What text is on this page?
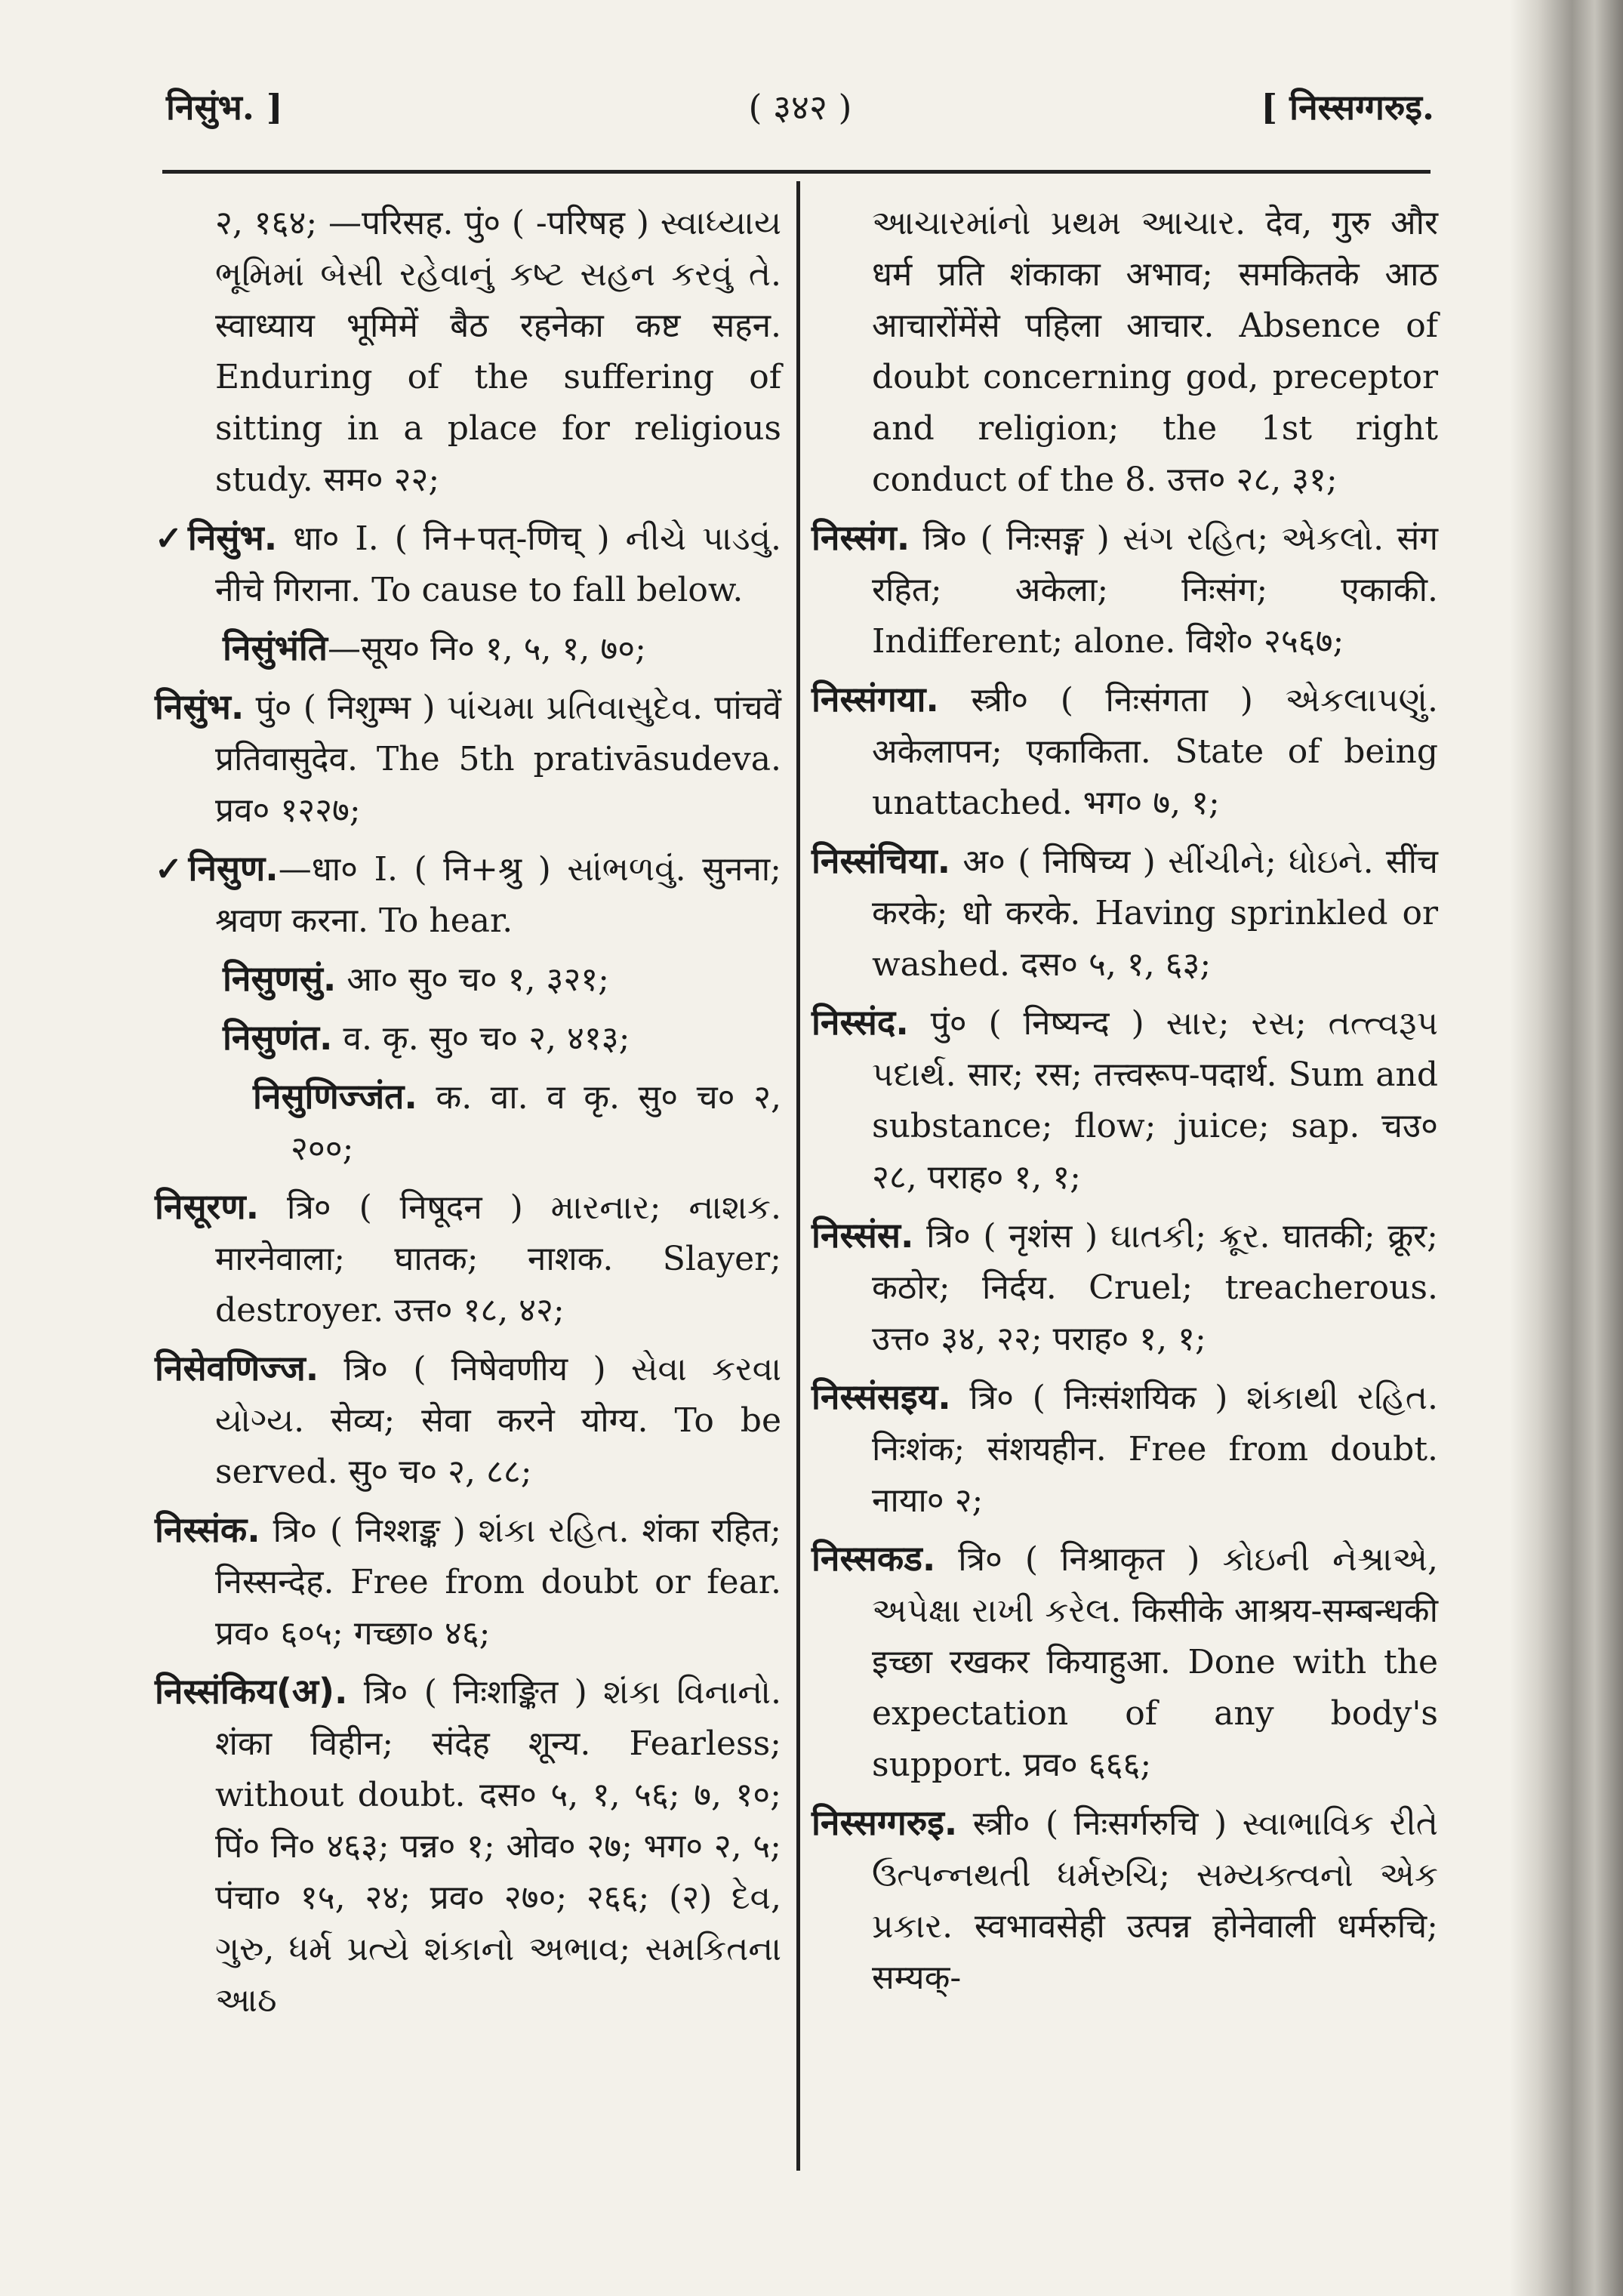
निसुंभ. ]	( ३४२ )	[ निस्सग्गरुइ.

२, १६४; —परिसह. पुं० ( -परिषह ) સ્વાધ્યાય ભૂમિમાં બેસી રહેવાનું કષ્ટ સહન કરવું તે. स्वाध्याय भूमिमें बैठ रहनेका कष्ट सहन. Enduring of the suffering of sitting in a place for religious study. सम० २२;

✓निसुंभ. धा० I. ( नि+पत्-णिच् ) નીચે પાડવું. नीचे गिराना. To cause to fall below.

निसुंभंति—सूय० नि० १, ५, १, ७०;

निसुंभ. पुं० ( निशुम्भ ) પાંચમા પ્રતિવાસુદેવ. पांचवें प्रतिवासुदेव. The 5th prativāsudeva. प्रव० १२२७;

✓निसुण.—धा० I. ( नि+श्रु ) સાંભળવું. सुनना; श्रवण करना. To hear.

निसुणसुं. आ० सु० च० १, ३२१;

निसुणंत. व. कृ. सु० च० २, ४१३;

निसुणिज्जंत. क. वा. व कृ. सु० च० २, २००;

निसूरण. त्रि० ( निषूदन ) મારનાર; નાશક. मारनेवाला; घातक; नाशक. Slayer; destroyer. उत्त० १८, ४२;

निसेवणिज्ज. त्रि० ( निषेवणीय ) સેવા કરવા યોગ્ય. सेव्य; सेवा करने योग्य. To be served. सु० च० २, ८८;

निस्संक. त्रि० ( निश्शङ्क ) શંકા રહિત. शंका रहित; निस्सन्देह. Free from doubt or fear. प्रव० ६०५; गच्छा० ४६;

निस्संकिय(अ). त्रि० ( निःशङ्कित ) શંકા વિનાનો. शंका विहीन; संदेह शून्य. Fearless; without doubt. दस० ५, १, ५६; ७, १०; पिं० नि० ४६३; पन्न० १; ओव० २७; भग० २, ५; पंचा० १५, २४; प्रव० २७०; २६६; (२) દેવ, ગુરુ, ધર્મ પ્રત્યે શંકાનો અભાવ; સમકિતના આઠ

આચારમાંનો પ્રથમ આચાર. देव, गुरु और धर्म प्रति शंकाका अभाव; समकितके आठ आचारोंमेंसे पहिला आचार. Absence of doubt concerning god, preceptor and religion; the 1st right conduct of the 8. उत्त० २८, ३१;

निस्संग. त्रि० ( निःसङ्ग ) સંગ રહિત; એકલો. संग रहित; अकेला; निःसंग; एकाकी. Indifferent; alone. विशे० २५६७;

निस्संगया. स्त्री० ( निःसंगता ) એકલાપણું. अकेलापन; एकाकिता. State of being unattached. भग० ७, १;

निस्संचिया. अ० ( निषिच्य ) સીંચીને; ધોઇને. सींच करके; धो करके. Having sprinkled or washed. दस० ५, १, ६३;

निस्संद. पुं० ( निष्यन्द ) સાર; રસ; તત્ત્વરૂપ પદાર્થ. सार; रस; तत्त्वरूप-पदार्थ. Sum and substance; flow; juice; sap. चउ० २८, पराह० १, १;

निस्संस. त्रि० ( नृशंस ) ઘાતકી; ક્રૂર. घातकी; क्रूर; कठोर; निर्दय. Cruel; treacherous. उत्त० ३४, २२; पराह० १, १;

निस्संसइय. त्रि० ( निःसंशयिक ) શંકાથી રહિત. निःशंक; संशयहीन. Free from doubt. नाया० २;

निस्सकड. त्रि० ( निश्राकृत ) કોઇની નેશ્રાએ, અપેક્ષા રાખી કરેલ. किसीके आश्रय-सम्बन्धकी इच्छा रखकर कियाहुआ. Done with the expectation of any body's support. प्रव० ६६६;

निस्सग्गरुइ. स्त्री० ( निःसर्गरुचि ) સ્વાભાવિક રીતે ઉત્પન્નથતી ધર્મરુચિ; સમ્યક્ત્વનો એક પ્રકાર. स्वभावसेही उत्पन्न होनेवाली धर्मरुचि; सम्यक्-
